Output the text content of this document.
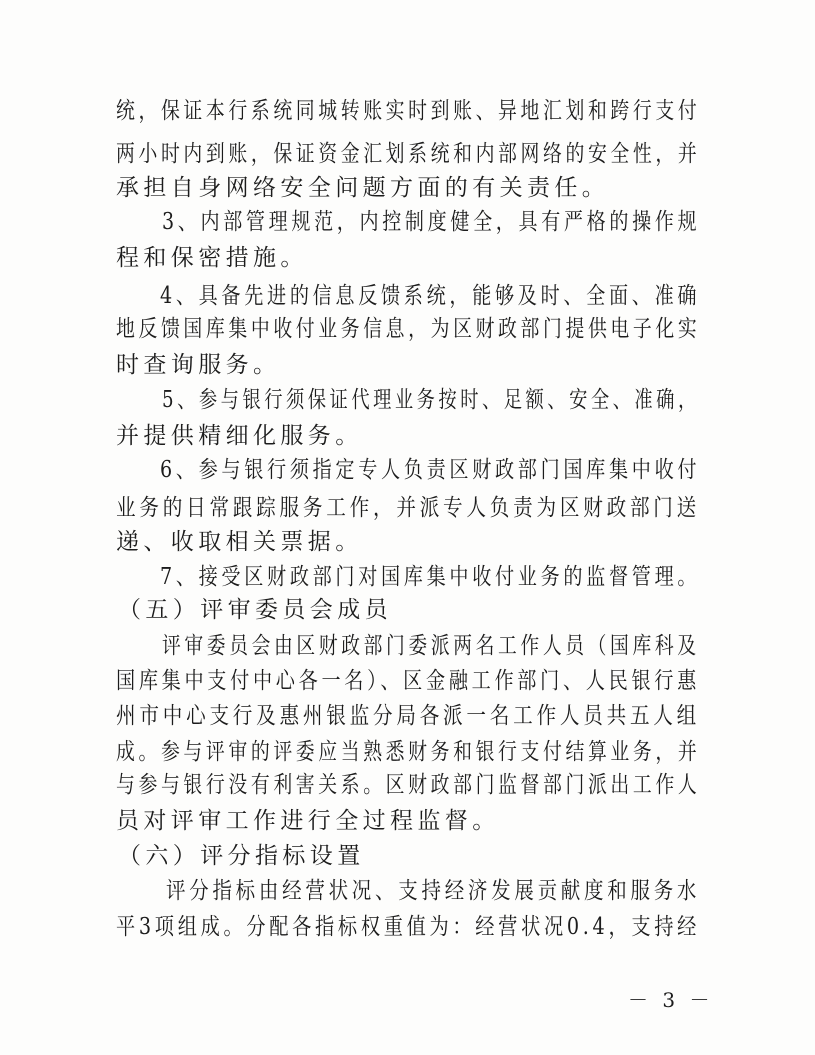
统，保证本行系统同城转账实时到账、异地汇划和跨行支付
两小时内到账，保证资金汇划系统和内部网络的安全性，并
承担自身网络安全问题方面的有关责任。
3、内部管理规范，内控制度健全，具有严格的操作规
程和保密措施。
4、具备先进的信息反馈系统，能够及时、全面、准确
地反馈国库集中收付业务信息，为区财政部门提供电子化实
时查询服务。
5、参与银行须保证代理业务按时、足额、安全、准确，
并提供精细化服务。
6、参与银行须指定专人负责区财政部门国库集中收付
业务的日常跟踪服务工作，并派专人负责为区财政部门送
递、收取相关票据。
7、接受区财政部门对国库集中收付业务的监督管理。
（五）评审委员会成员
评审委员会由区财政部门委派两名工作人员（国库科及
国库集中支付中心各一名）、区金融工作部门、人民银行惠
州市中心支行及惠州银监分局各派一名工作人员共五人组
成。参与评审的评委应当熟悉财务和银行支付结算业务，并
与参与银行没有利害关系。区财政部门监督部门派出工作人
员对评审工作进行全过程监督。
（六）评分指标设置
评分指标由经营状况、支持经济发展贡献度和服务水
平3项组成。分配各指标权重值为：经营状况0.4，支持经
－ 3 －
